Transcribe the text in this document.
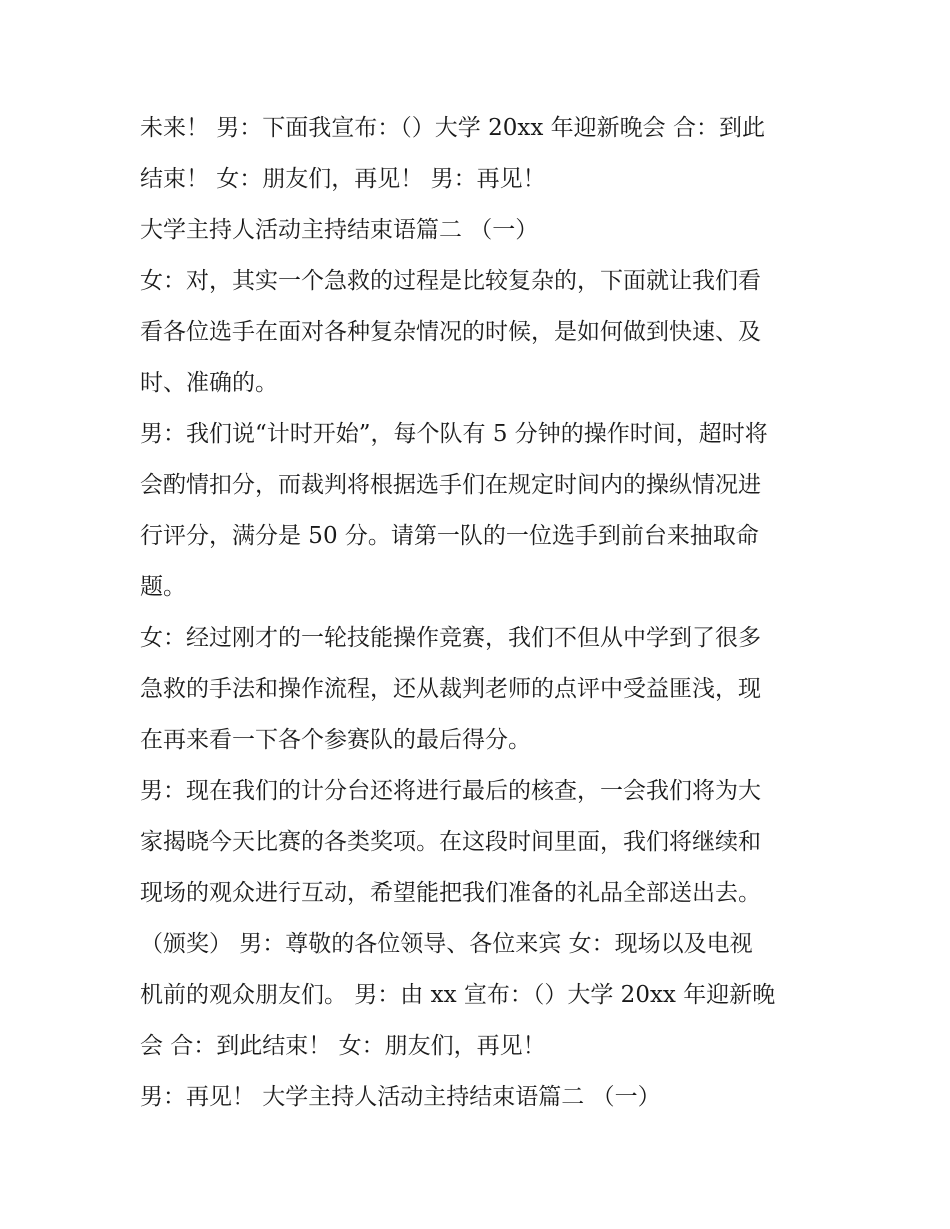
未来！ 男：下面我宣布：（）大学 20xx 年迎新晚会 合：到此
结束！ 女：朋友们，再见！ 男：再见！
大学主持人活动主持结束语篇二 （一）
女：对，其实一个急救的过程是比较复杂的，下面就让我们看
看各位选手在面对各种复杂情况的时候，是如何做到快速、及
时、准确的。
男：我们说“计时开始”，每个队有 5 分钟的操作时间，超时将
会酌情扣分，而裁判将根据选手们在规定时间内的操纵情况进
行评分，满分是 50 分。请第一队的一位选手到前台来抽取命
题。
女：经过刚才的一轮技能操作竞赛，我们不但从中学到了很多
急救的手法和操作流程，还从裁判老师的点评中受益匪浅，现
在再来看一下各个参赛队的最后得分。
男：现在我们的计分台还将进行最后的核查，一会我们将为大
家揭晓今天比赛的各类奖项。在这段时间里面，我们将继续和
现场的观众进行互动，希望能把我们准备的礼品全部送出去。
（颁奖） 男：尊敬的各位领导、各位来宾 女：现场以及电视
机前的观众朋友们。 男：由 xx 宣布：（）大学 20xx 年迎新晚
会 合：到此结束！ 女：朋友们，再见！
男：再见！ 大学主持人活动主持结束语篇二 （一）
